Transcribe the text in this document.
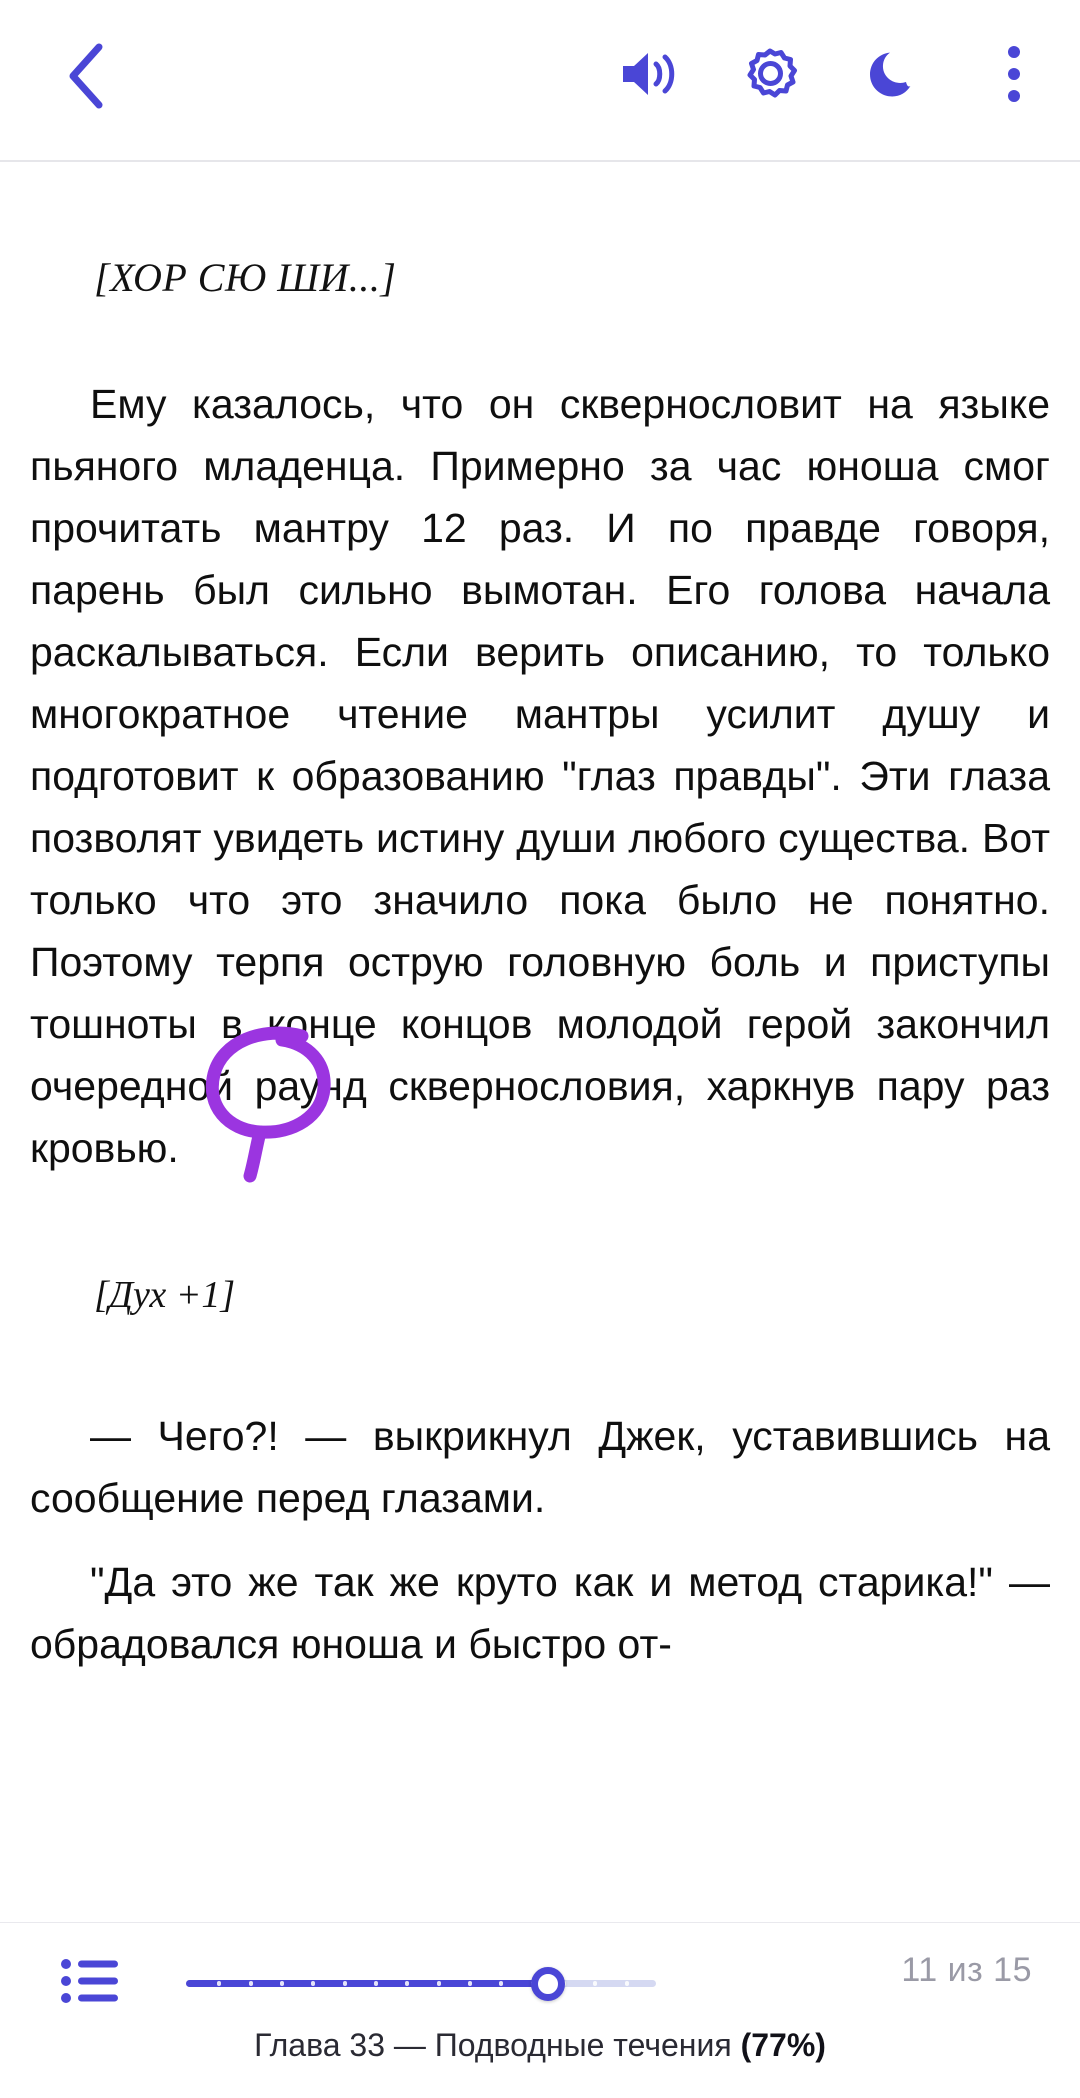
[ХОР СЮ ШИ...]

Ему казалось, что он сквернословит на языке пьяного младенца. Примерно за час юноша смог прочитать мантру 12 раз. И по правде говоря, парень был сильно вымотан. Его голова начала раскалываться. Если верить описанию, то только многократное чтение мантры усилит душу и подготовит к образованию "глаз правды". Эти глаза позволят увидеть истину души любого существа. Вот только что это значило пока было не понятно. Поэтому терпя острую головную боль и приступы тошноты в конце концов молодой герой закончил очередной раунд сквернословия, харкнув пару раз кровью.

[Дух +1]

— Чего?! — выкрикнул Джек, уставившись на сообщение перед глазами.

"Да это же так же круто как и метод старика!" — обрадовался юноша и быстро от-

11 из 15
Глава 33 — Подводные течения (77%)
